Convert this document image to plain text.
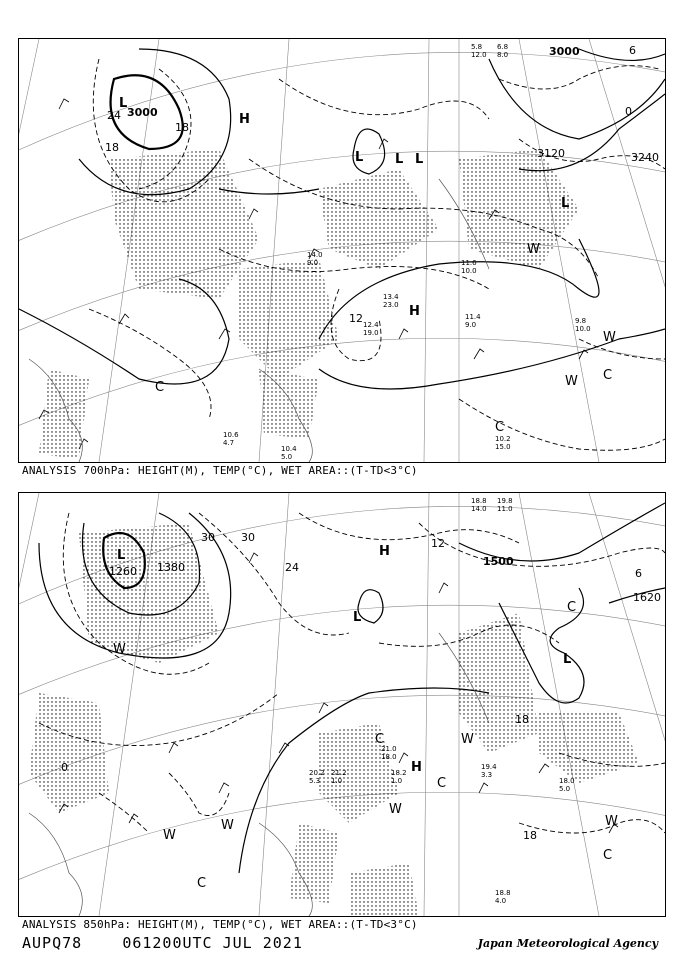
3000
3000
3120	3240
18
18
12
6
0
24
L
L L L
L
H
H
C
C
W
W
W C
5.8
12.0
6.8
8.0
10.2
15.0
11.4
9.0	9.8
10.0
13.4
23.0
11.6
10.0
12.4
19.0
14.0
9.0
10.4
5.0
10.6
4.7
ANALYSIS 700hPa: HEIGHT(M), TEMP(°C), WET AREA::(T-TD<3°C)
1260 1380	1500
1620
30 30
24
18
18
12
6
0
L
L
L
H
H
C
C
C
C
W
W
W
W
W
W
C
19.4
3.3
18.0
5.0
18.8
4.0
21.0
18.0
20.2
5.3
21.2
1.0
18.2
1.0
19.8
11.0
18.8
14.0
ANALYSIS 850hPa: HEIGHT(M), TEMP(°C), WET AREA::(T-TD<3°C)
AUPQ78	061200UTC JUL 2021	Japan Meteorological Agency
